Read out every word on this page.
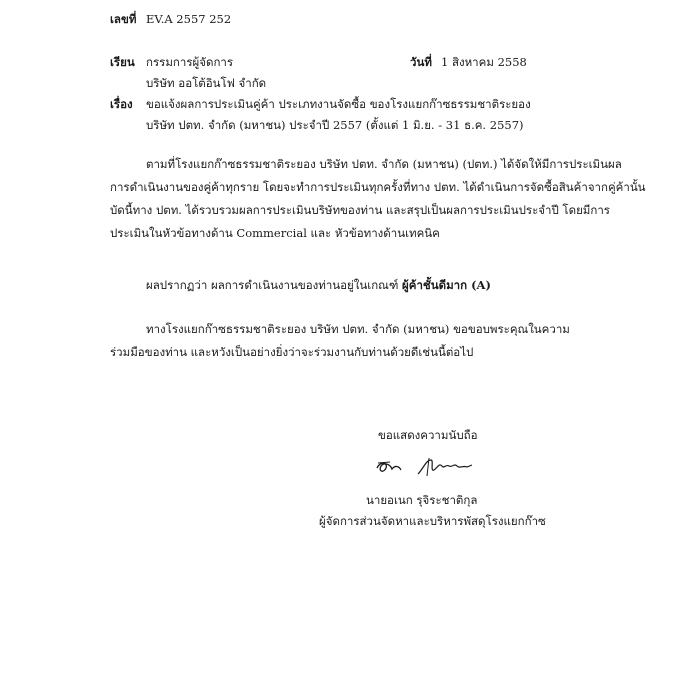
เลขที่ EV.A 2557 252
เรียน กรรมการผู้จัดการ
บริษัท ออโต้อินโฟ จำกัด
วันที่ 1 สิงหาคม 2558
เรื่อง ขอแจ้งผลการประเมินคู่ค้า ประเภทงานจัดซื้อ ของโรงแยกก๊าซธรรมชาติระยอง
บริษัท ปตท. จำกัด (มหาชน) ประจำปี 2557 (ตั้งแต่ 1 มิ.ย. - 31 ธ.ค. 2557)
ตามที่โรงแยกก๊าซธรรมชาติระยอง บริษัท ปตท. จำกัด (มหาชน) (ปตท.) ได้จัดให้มีการประเมินผล
การดำเนินงานของคู่ค้าทุกราย โดยจะทำการประเมินทุกครั้งที่ทาง ปตท. ได้ดำเนินการจัดซื้อสินค้าจากคู่ค้านั้น
บัดนี้ทาง ปตท. ได้รวบรวมผลการประเมินบริษัทของท่าน และสรุปเป็นผลการประเมินประจำปี โดยมีการ
ประเมินในหัวข้อทางด้าน Commercial และ หัวข้อทางด้านเทคนิค
ผลปรากฏว่า ผลการดำเนินงานของท่านอยู่ในเกณฑ์ ผู้ค้าชั้นดีมาก (A)
ทางโรงแยกก๊าซธรรมชาติระยอง บริษัท ปตท. จำกัด (มหาชน) ขอขอบพระคุณในความ
ร่วมมือของท่าน และหวังเป็นอย่างยิ่งว่าจะร่วมงานกับท่านด้วยดีเช่นนี้ต่อไป
ขอแสดงความนับถือ
นายอเนก รุจิระชาติกุล
ผู้จัดการส่วนจัดหาและบริหารพัสดุโรงแยกก๊าซ
